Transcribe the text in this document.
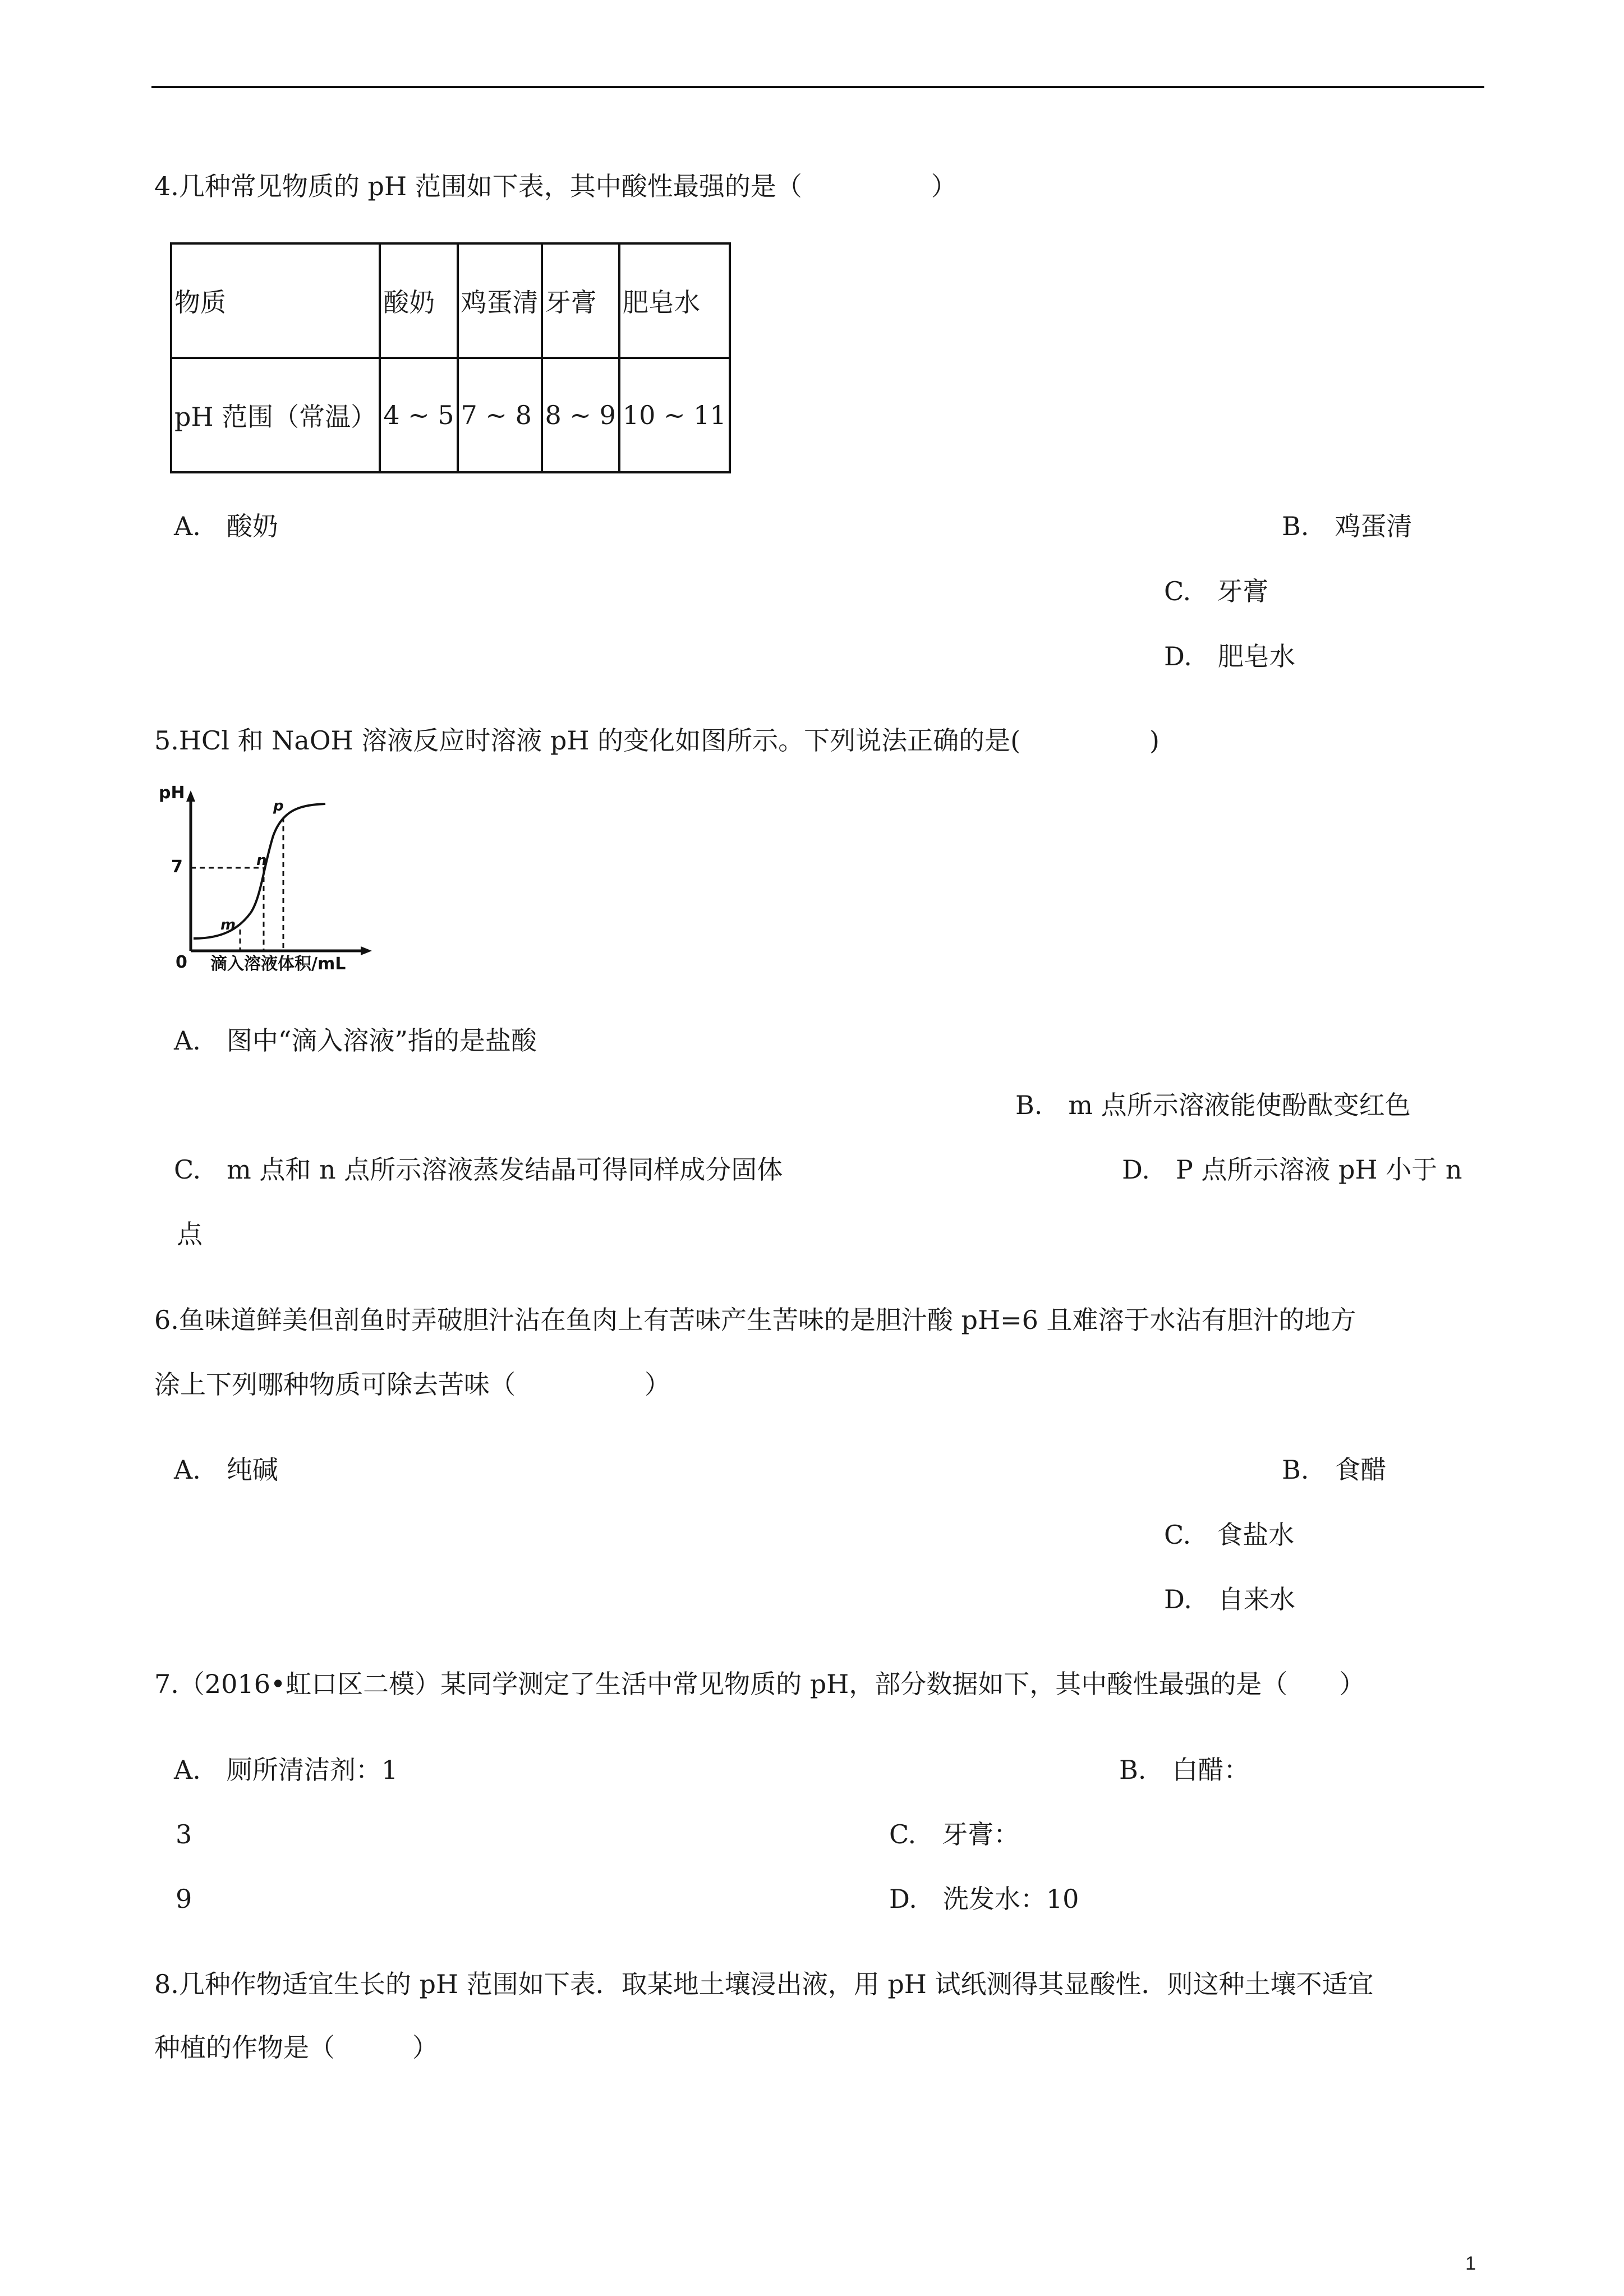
4.几种常见物质的 pH 范围如下表，其中酸性最强的是（　　　　　）
物质	酸奶	鸡蛋清	牙膏	肥皂水
pH 范围（常温）	4 ~ 5	7 ~ 8	8 ~ 9	10 ~ 11
A.　酸奶	B.　鸡蛋清
C.　牙膏
D.　肥皂水
5.HCl 和 NaOH 溶液反应时溶液 pH 的变化如图所示。下列说法正确的是(　　　　　)
pH
7
0
m
n
p
滴入溶液体积/mL
A.　图中“滴入溶液”指的是盐酸
B.　m 点所示溶液能使酚酞变红色
C.　m 点和 n 点所示溶液蒸发结晶可得同样成分固体	D.　P 点所示溶液 pH 小于 n
点
6.鱼味道鲜美但剖鱼时弄破胆汁沾在鱼肉上有苦味产生苦味的是胆汁酸 pH=6 且难溶于水沾有胆汁的地方
涂上下列哪种物质可除去苦味（　　　　　）
A.　纯碱	B.　食醋
C.　食盐水
D.　自来水
7.（2016•虹口区二模）某同学测定了生活中常见物质的 pH，部分数据如下，其中酸性最强的是（　　）
A.　厕所清洁剂：1	B.　白醋：
3	C.　牙膏：
9	D.　洗发水：10
8.几种作物适宜生长的 pH 范围如下表．取某地土壤浸出液，用 pH 试纸测得其显酸性．则这种土壤不适宜
种植的作物是（　　　）
1
